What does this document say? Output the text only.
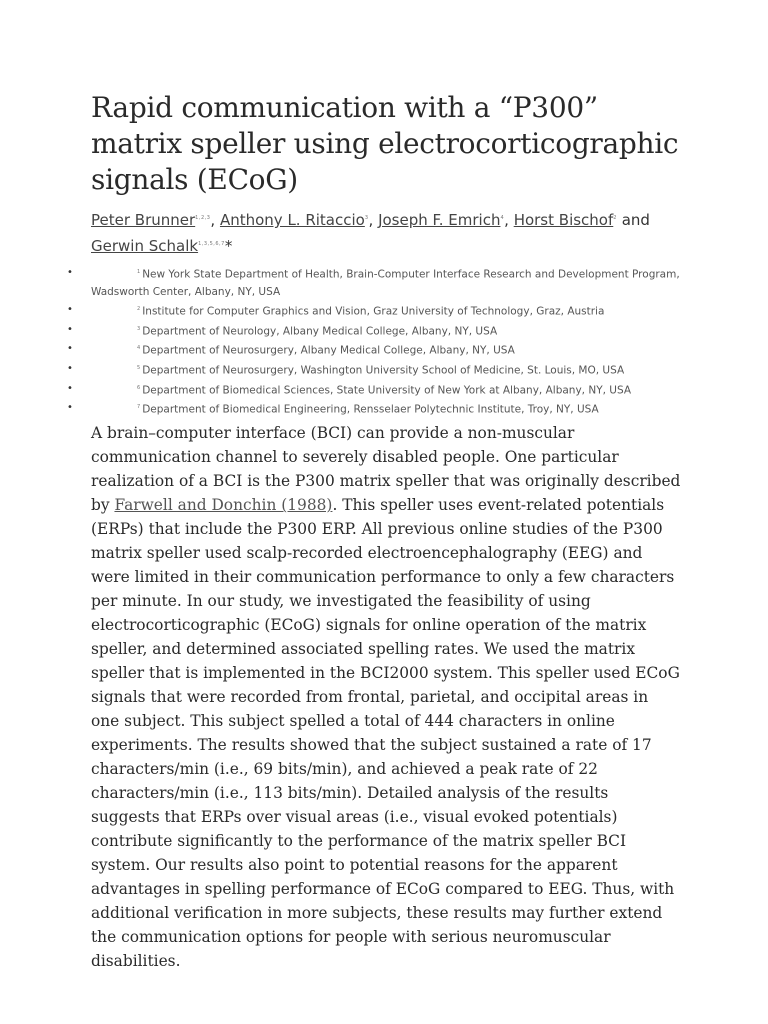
Rapid communication with a “P300” matrix speller using electrocorticographic signals (ECoG)
Peter Brunner$^{1,2,3}$, Anthony L. Ritaccio$^3$, Joseph F. Emrich$^4$, Horst Bischof$^2$ and Gerwin Schalk$^{1,3,5,6,7}$*
•	$^1$ New York State Department of Health, Brain-Computer Interface Research and Development Program, Wadsworth Center, Albany, NY, USA
•	$^2$ Institute for Computer Graphics and Vision, Graz University of Technology, Graz, Austria
•	$^3$ Department of Neurology, Albany Medical College, Albany, NY, USA
•	$^4$ Department of Neurosurgery, Albany Medical College, Albany, NY, USA
•	$^5$ Department of Neurosurgery, Washington University School of Medicine, St. Louis, MO, USA
•	$^6$ Department of Biomedical Sciences, State University of New York at Albany, Albany, NY, USA
•	$^7$ Department of Biomedical Engineering, Rensselaer Polytechnic Institute, Troy, NY, USA

A brain–computer interface (BCI) can provide a non-muscular communication channel to severely disabled people. One particular realization of a BCI is the P300 matrix speller that was originally described by Farwell and Donchin (1988). This speller uses event-related potentials (ERPs) that include the P300 ERP. All previous online studies of the P300 matrix speller used scalp-recorded electroencephalography (EEG) and were limited in their communication performance to only a few characters per minute. In our study, we investigated the feasibility of using electrocorticographic (ECoG) signals for online operation of the matrix speller, and determined associated spelling rates. We used the matrix speller that is implemented in the BCI2000 system. This speller used ECoG signals that were recorded from frontal, parietal, and occipital areas in one subject. This subject spelled a total of 444 characters in online experiments. The results showed that the subject sustained a rate of 17 characters/min (i.e., 69 bits/min), and achieved a peak rate of 22 characters/min (i.e., 113 bits/min). Detailed analysis of the results suggests that ERPs over visual areas (i.e., visual evoked potentials) contribute significantly to the performance of the matrix speller BCI system. Our results also point to potential reasons for the apparent advantages in spelling performance of ECoG compared to EEG. Thus, with additional verification in more subjects, these results may further extend the communication options for people with serious neuromuscular disabilities.
